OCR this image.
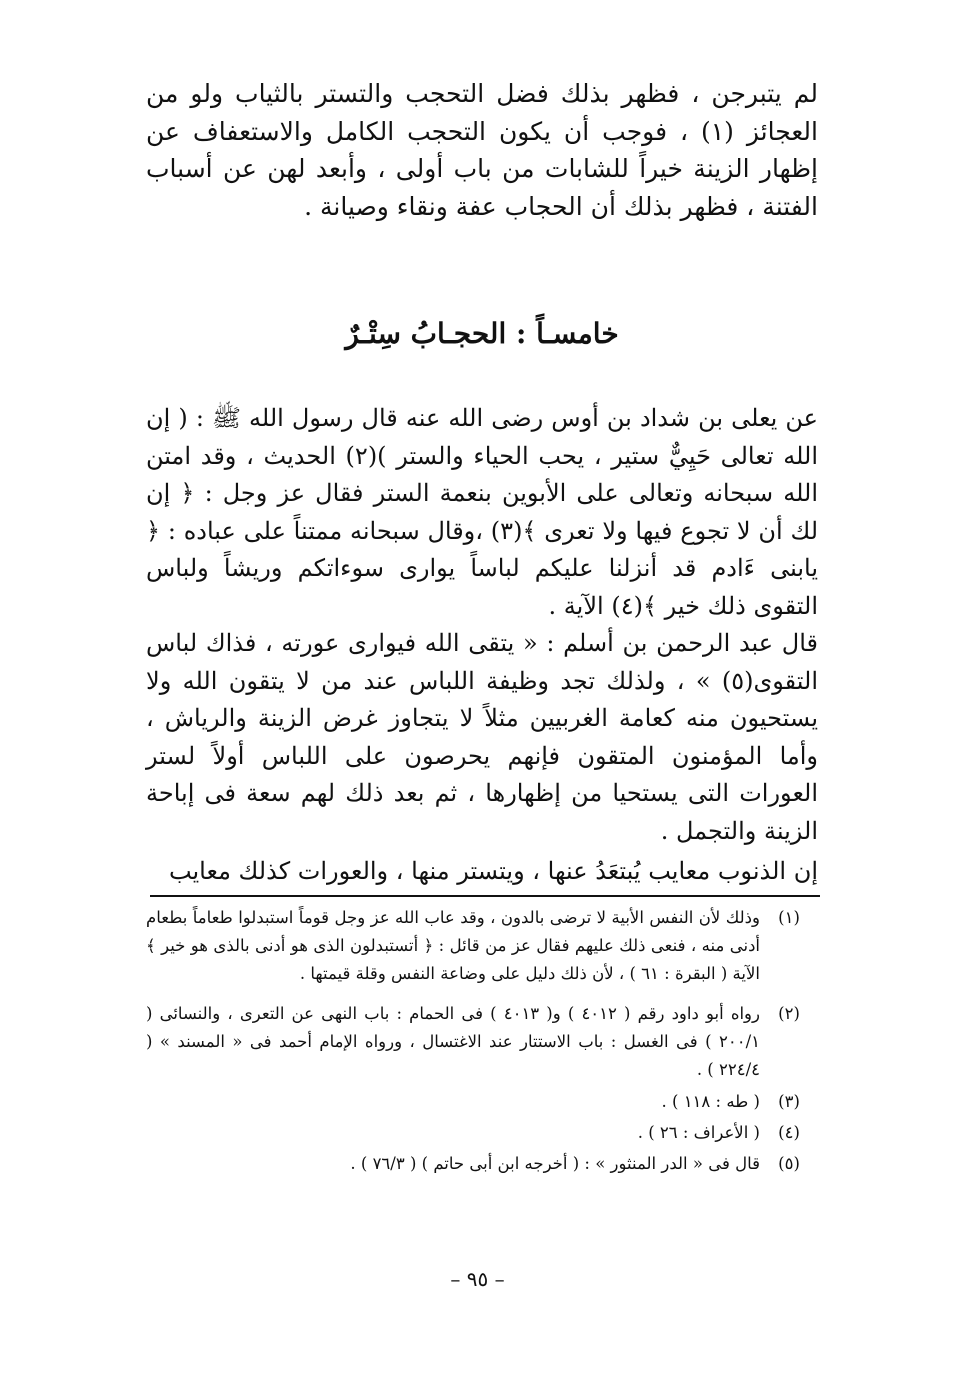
لم يتبرجن ، فظهر بذلك فضل التحجب والتستر بالثياب ولو من العجائز (١) ، فوجب أن يكون التحجب الكامل والاستعفاف عن إظهار الزينة خيراً للشابات من باب أولى ، وأبعد لهن عن أسباب الفتنة ، فظهر بذلك أن الحجاب عفة ونقاء وصيانة .

خامسـاً : الحجـابُ سِتْـرٌ

عن يعلى بن شداد بن أوس رضى الله عنه قال رسول الله ﷺ : ( إن الله تعالى حَيِيٌّ ستير ، يحب الحياء والستر )(٢) الحديث ، وقد امتن الله سبحانه وتعالى على الأبوين بنعمة الستر فقال عز وجل : ﴿ إن لك أن لا تجوع فيها ولا تعرى ﴾(٣) ،وقال سبحانه ممتناً على عباده : ﴿ يابنى ءَادم قد أنزلنا عليكم لباساً يوارى سوءاتكم وريشاً ولباس التقوى ذلك خير ﴾(٤) الآية .

قال عبد الرحمن بن أسلم : « يتقى الله فيوارى عورته ، فذاك لباس التقوى(٥) » ، ولذلك تجد وظيفة اللباس عند من لا يتقون الله ولا يستحيون منه كعامة الغربيين مثلاً لا يتجاوز غرض الزينة والرياش ، وأما المؤمنون المتقون فإنهم يحرصون على اللباس أولاً لستر العورات التى يستحيا من إظهارها ، ثم بعد ذلك لهم سعة فى إباحة الزينة والتجمل .

إن الذنوب معايب يُبتعَدُ عنها ، ويتستر منها ، والعورات كذلك معايب

(١)
وذلك لأن النفس الأبية لا ترضى بالدون ، وقد عاب الله عز وجل قوماً استبدلوا طعاماً بطعام أدنى منه ، فنعى ذلك عليهم فقال عز من قائل : ﴿ أتستبدلون الذى هو أدنى بالذى هو خير ﴾ الآية ( البقرة : ٦١ ) ، لأن ذلك دليل على وضاعة النفس وقلة قيمتها .
(٢)
رواه أبو داود رقم ( ٤٠١٢ ) و( ٤٠١٣ ) فى الحمام : باب النهى عن التعرى ، والنسائى ( ٢٠٠/١ ) فى الغسل : باب الاستتار عند الاغتسال ، ورواه الإمام أحمد فى « المسند » ( ٢٢٤/٤ ) .
(٣)
( طه : ١١٨ ) .
(٤)
( الأعراف : ٢٦ ) .
(٥)
قال فى « الدر المنثور » : ( أخرجه ابن أبى حاتم ) ( ٧٦/٣ ) .
– ٩٥ –
